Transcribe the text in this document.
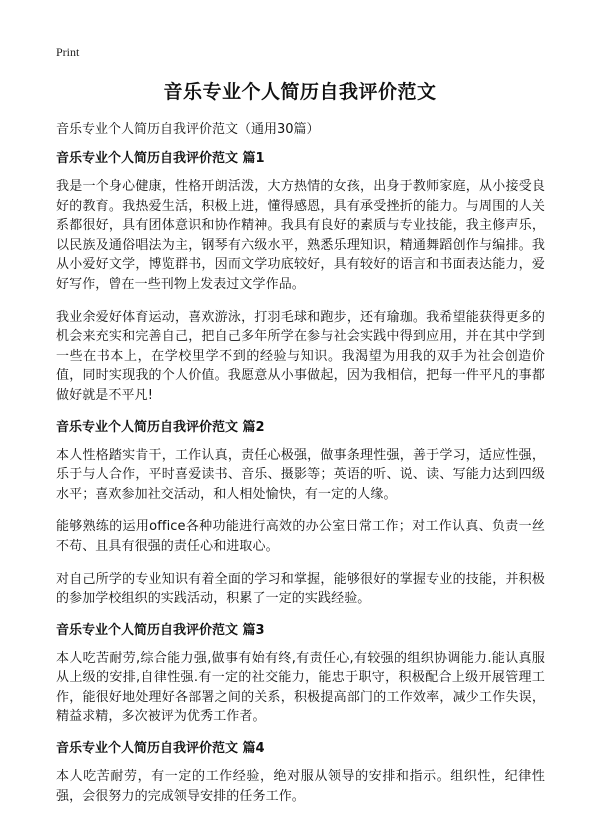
Print
音乐专业个人简历自我评价范文

音乐专业个人简历自我评价范文（通用30篇）

音乐专业个人简历自我评价范文 篇1

我是一个身心健康，性格开朗活泼，大方热情的女孩，出身于教师家庭，从小接受良好的教育。我热爱生活，积极上进，懂得感恩，具有承受挫折的能力。与周围的人关系都很好，具有团体意识和协作精神。我具有良好的素质与专业技能，我主修声乐，以民族及通俗唱法为主，钢琴有六级水平，熟悉乐理知识，精通舞蹈创作与编排。我从小爱好文学，博览群书，因而文学功底较好，具有较好的语言和书面表达能力，爱好写作，曾在一些刊物上发表过文学作品。

我业余爱好体育运动，喜欢游泳，打羽毛球和跑步，还有瑜珈。我希望能获得更多的机会来充实和完善自己，把自己多年所学在参与社会实践中得到应用，并在其中学到一些在书本上，在学校里学不到的经验与知识。我渴望为用我的双手为社会创造价值，同时实现我的个人价值。我愿意从小事做起，因为我相信，把每一件平凡的事都做好就是不平凡!

音乐专业个人简历自我评价范文 篇2

本人性格踏实肯干，工作认真，责任心极强，做事条理性强，善于学习，适应性强，乐于与人合作，平时喜爱读书、音乐、摄影等；英语的听、说、读、写能力达到四级水平；喜欢参加社交活动，和人相处愉快，有一定的人缘。

能够熟练的运用office各种功能进行高效的办公室日常工作；对工作认真、负责一丝不苟、且具有很强的责任心和进取心。

对自己所学的专业知识有着全面的学习和掌握，能够很好的掌握专业的技能，并积极的参加学校组织的实践活动，积累了一定的实践经验。

音乐专业个人简历自我评价范文 篇3

本人吃苦耐劳,综合能力强,做事有始有终,有责任心,有较强的组织协调能力.能认真服从上级的安排,自律性强.有一定的社交能力，能忠于职守，积极配合上级开展管理工作，能很好地处理好各部署之间的关系，积极提高部门的工作效率，减少工作失误，精益求精，多次被评为优秀工作者。

音乐专业个人简历自我评价范文 篇4

本人吃苦耐劳，有一定的工作经验，绝对服从领导的安排和指示。组织性，纪律性强，会很努力的完成领导安排的任务工作。
